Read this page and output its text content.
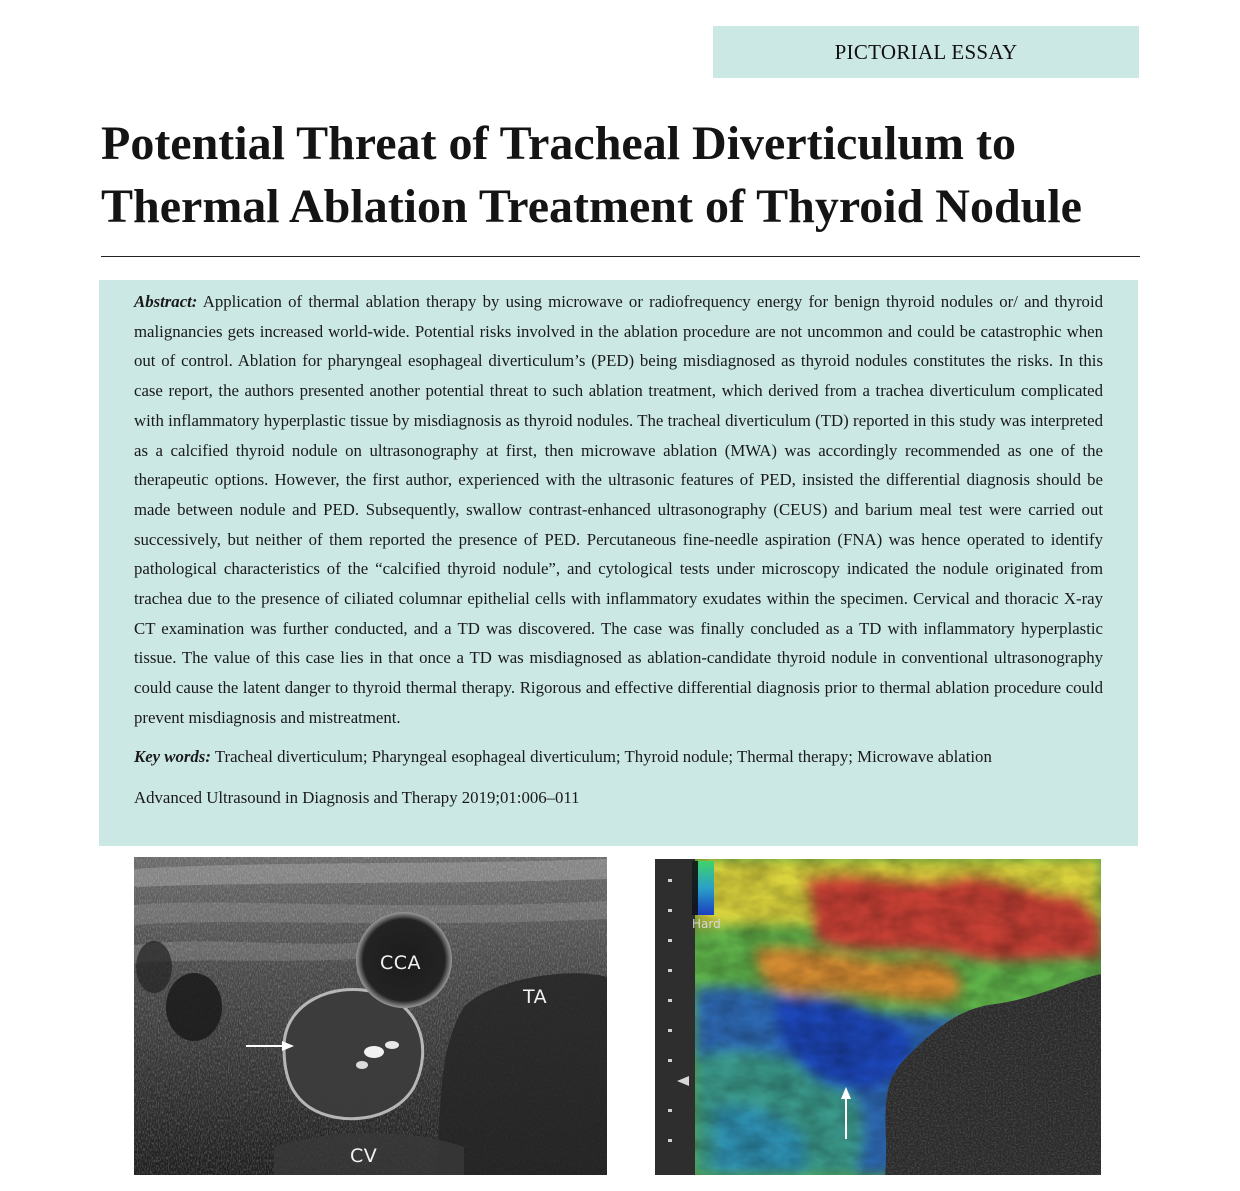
PICTORIAL ESSAY
Potential Threat of Tracheal Diverticulum to
Thermal Ablation Treatment of Thyroid Nodule

Abstract: Application of thermal ablation therapy by using microwave or radiofrequency energy for benign thyroid nodules or/ and thyroid malignancies gets increased world-wide. Potential risks involved in the ablation procedure are not uncommon and could be catastrophic when out of control. Ablation for pharyngeal esophageal diverticulum’s (PED) being misdiagnosed as thyroid nodules constitutes the risks. In this case report, the authors presented another potential threat to such ablation treatment, which derived from a trachea diverticulum complicated with inflammatory hyperplastic tissue by misdiagnosis as thyroid nodules. The tracheal diverticulum (TD) reported in this study was interpreted as a calcified thyroid nodule on ultrasonography at first, then microwave ablation (MWA) was accordingly recommended as one of the therapeutic options. However, the first author, experienced with the ultrasonic features of PED, insisted the differential diagnosis should be made between nodule and PED. Subsequently, swallow contrast-enhanced ultrasonography (CEUS) and barium meal test were carried out successively, but neither of them reported the presence of PED. Percutaneous fine-needle aspiration (FNA) was hence operated to identify pathological characteristics of the “calcified thyroid nodule”, and cytological tests under microscopy indicated the nodule originated from trachea due to the presence of ciliated columnar epithelial cells with inflammatory exudates within the specimen. Cervical and thoracic X-ray CT examination was further conducted, and a TD was discovered. The case was finally concluded as a TD with inflammatory hyperplastic tissue. The value of this case lies in that once a TD was misdiagnosed as ablation-candidate thyroid nodule in conventional ultrasonography could cause the latent danger to thyroid thermal therapy. Rigorous and effective differential diagnosis prior to thermal ablation procedure could prevent misdiagnosis and mistreatment.

Key words: Tracheal diverticulum; Pharyngeal esophageal diverticulum; Thyroid nodule; Thermal therapy; Microwave ablation

Advanced Ultrasound in Diagnosis and Therapy 2019;01:006–011

CCA
TA
CV
Hard
